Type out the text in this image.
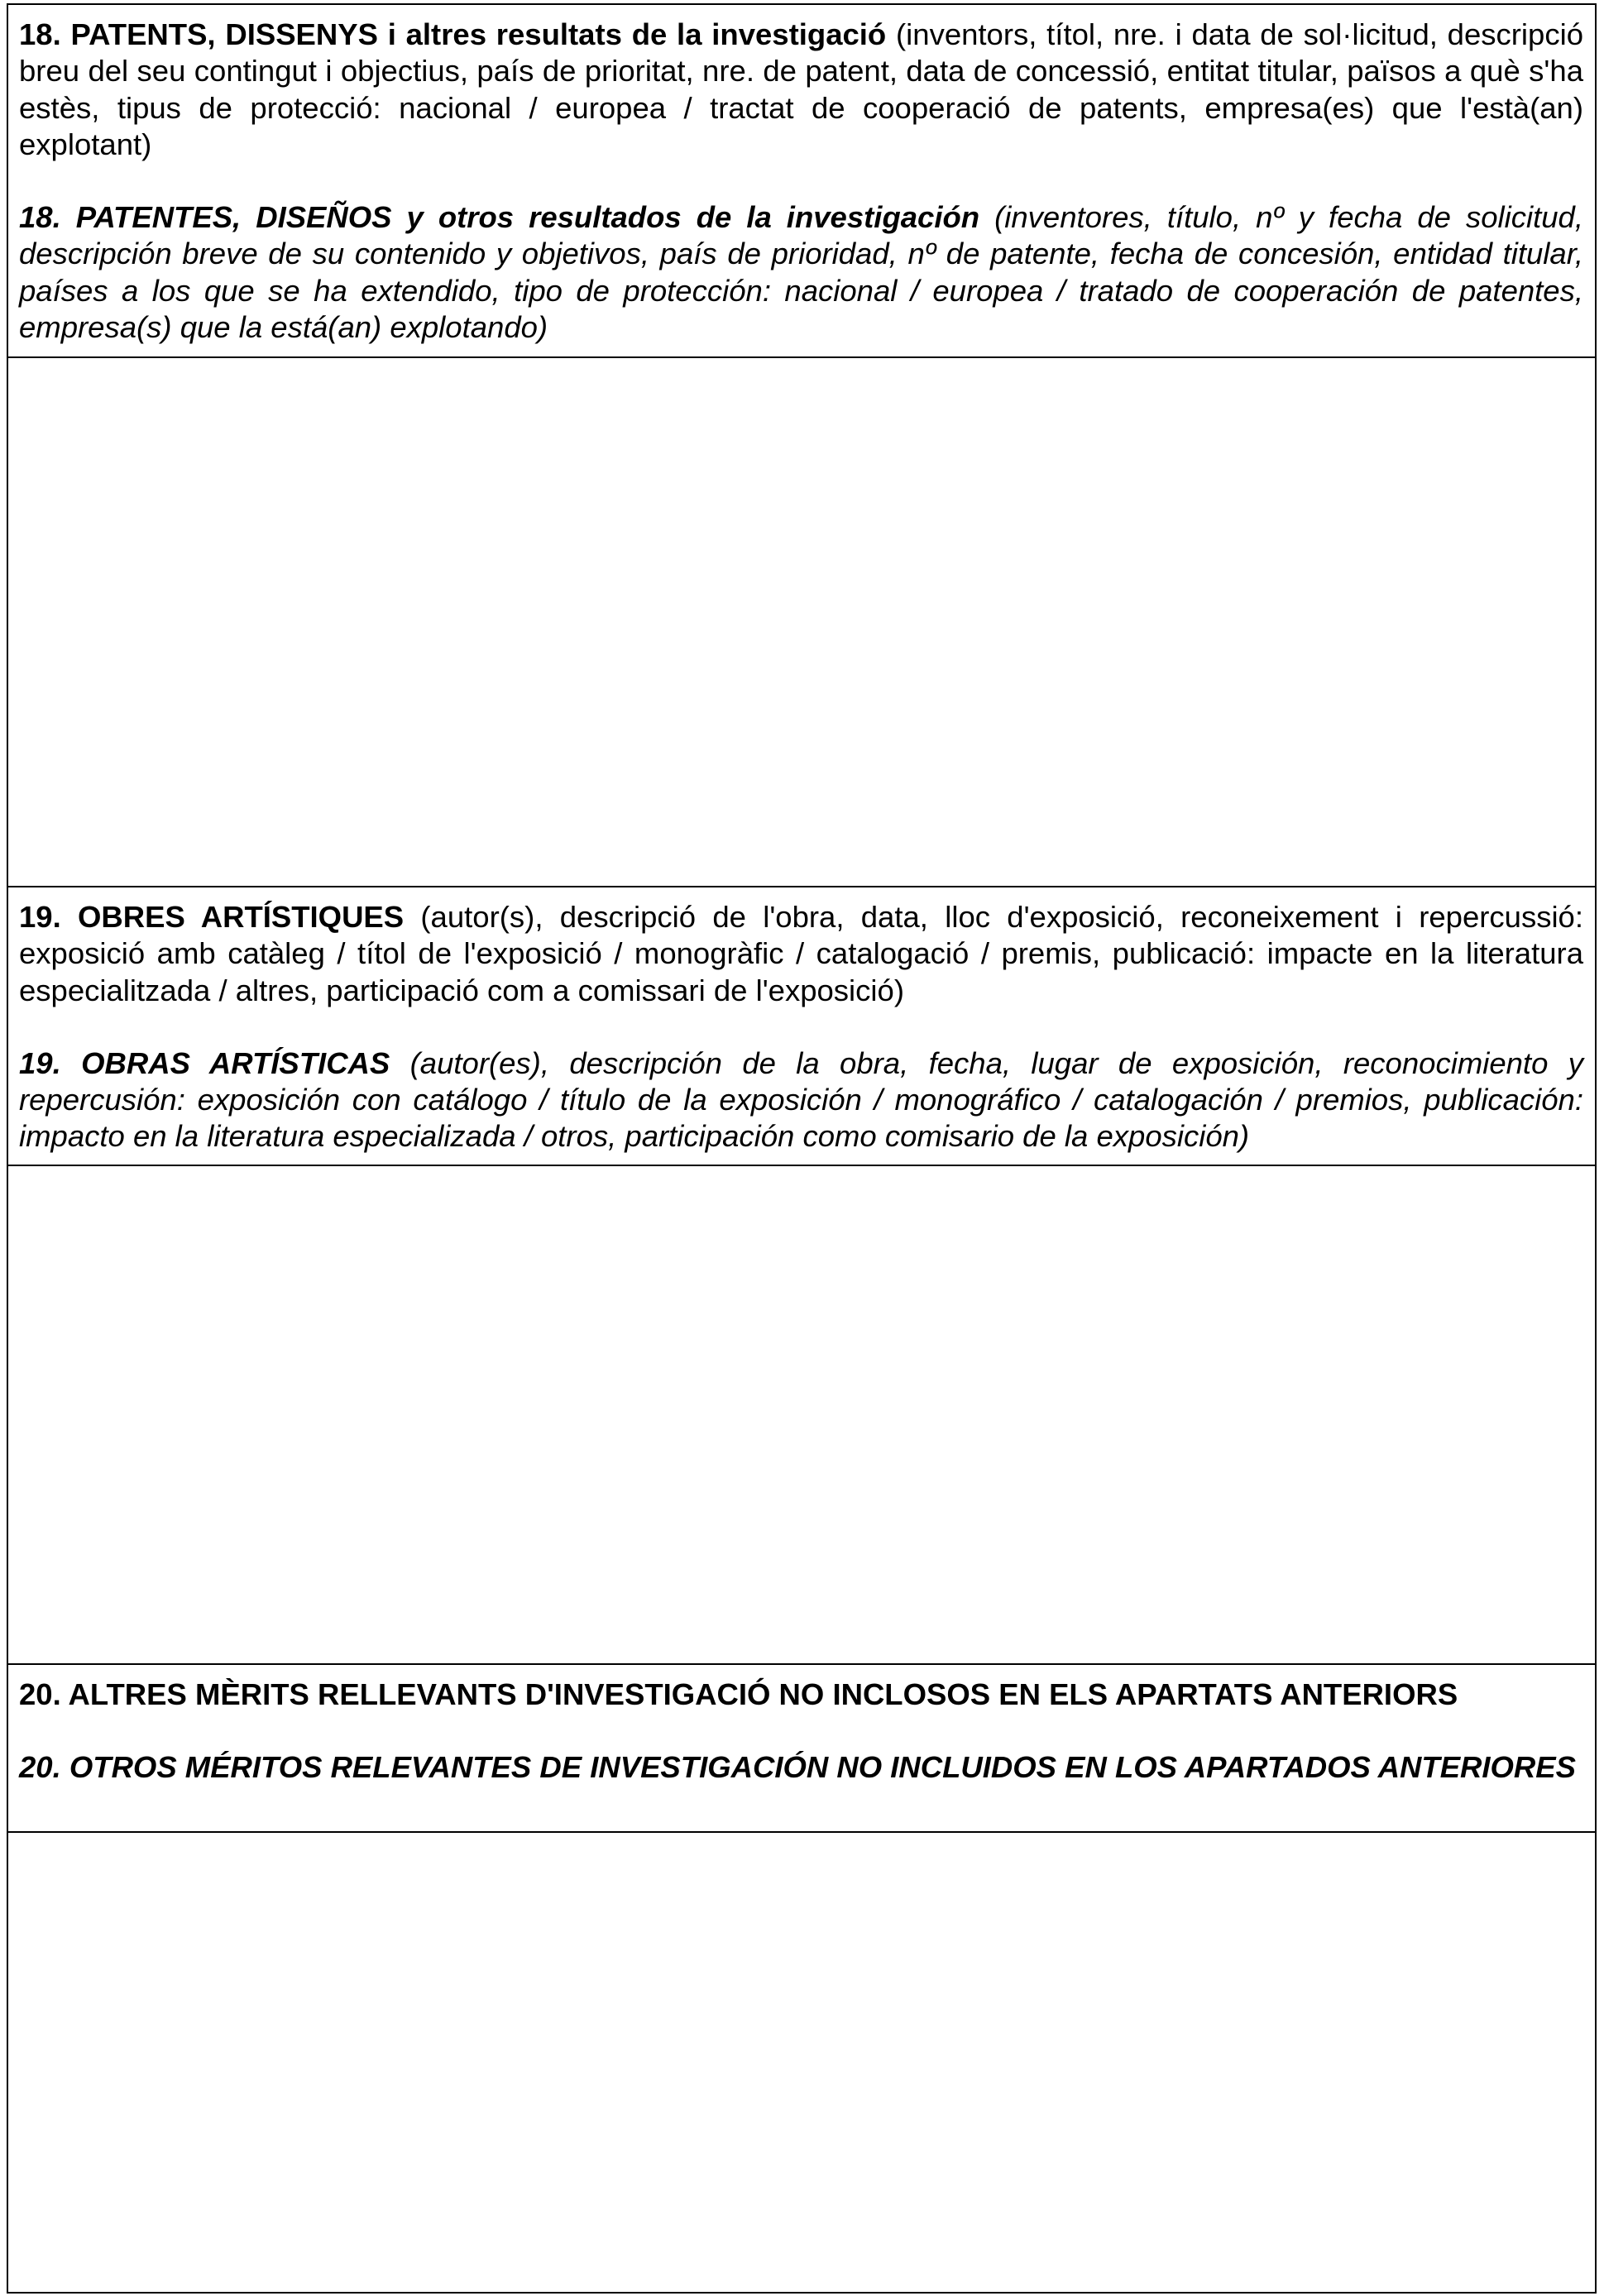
18. PATENTS, DISSENYS i altres resultats de la investigació (inventors, títol, nre. i data de sol·licitud, descripció breu del seu contingut i objectius, país de prioritat, nre. de patent, data de concessió, entitat titular, països a què s'ha estès, tipus de protecció: nacional / europea / tractat de cooperació de patents, empresa(es) que l'està(an) explotant)

18. PATENTES, DISEÑOS y otros resultados de la investigación (inventores, título, nº y fecha de solicitud, descripción breve de su contenido y objetivos, país de prioridad, nº de patente, fecha de concesión, entidad titular, países a los que se ha extendido, tipo de protección: nacional / europea / tratado de cooperación de patentes, empresa(s) que la está(an) explotando)

19. OBRES ARTÍSTIQUES (autor(s), descripció de l'obra, data, lloc d'exposició, reconeixement i repercussió: exposició amb catàleg / títol de l'exposició / monogràfic / catalogació / premis, publicació: impacte en la literatura especialitzada / altres, participació com a comissari de l'exposició)

19. OBRAS ARTÍSTICAS (autor(es), descripción de la obra, fecha, lugar de exposición, reconocimiento y repercusión: exposición con catálogo / título de la exposición / monográfico / catalogación / premios, publicación: impacto en la literatura especializada / otros, participación como comisario de la exposición)

20. ALTRES MÈRITS RELLEVANTS D'INVESTIGACIÓ NO INCLOSOS EN ELS APARTATS ANTERIORS

20. OTROS MÉRITOS RELEVANTES DE INVESTIGACIÓN NO INCLUIDOS EN LOS APARTADOS ANTERIORES
